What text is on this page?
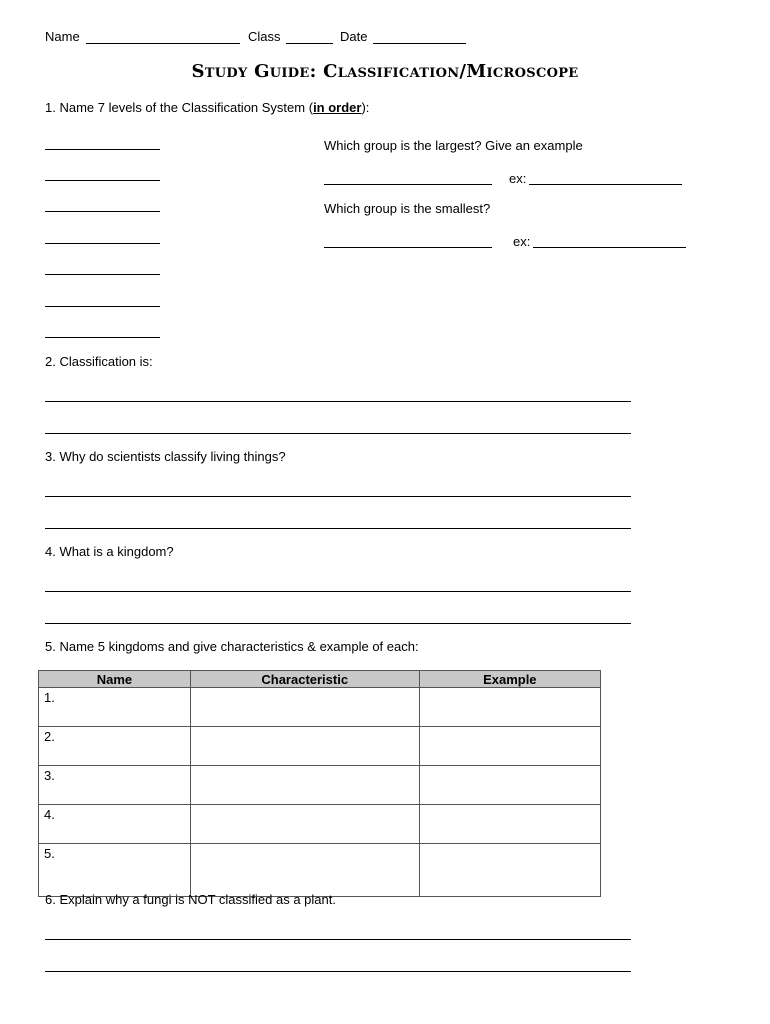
Name	Class	Date
Study Guide: Classification/Microscope
1. Name 7 levels of the Classification System (in order):
Which group is the largest? Give an example
ex:
Which group is the smallest?
ex:
2. Classification is:
3. Why do scientists classify living things?
4. What is a kingdom?
5. Name 5 kingdoms and give characteristics & example of each:
Name	Characteristic	Example
1.		
2.		
3.		
4.		
5.		
6. Explain why a fungi is NOT classified as a plant.
